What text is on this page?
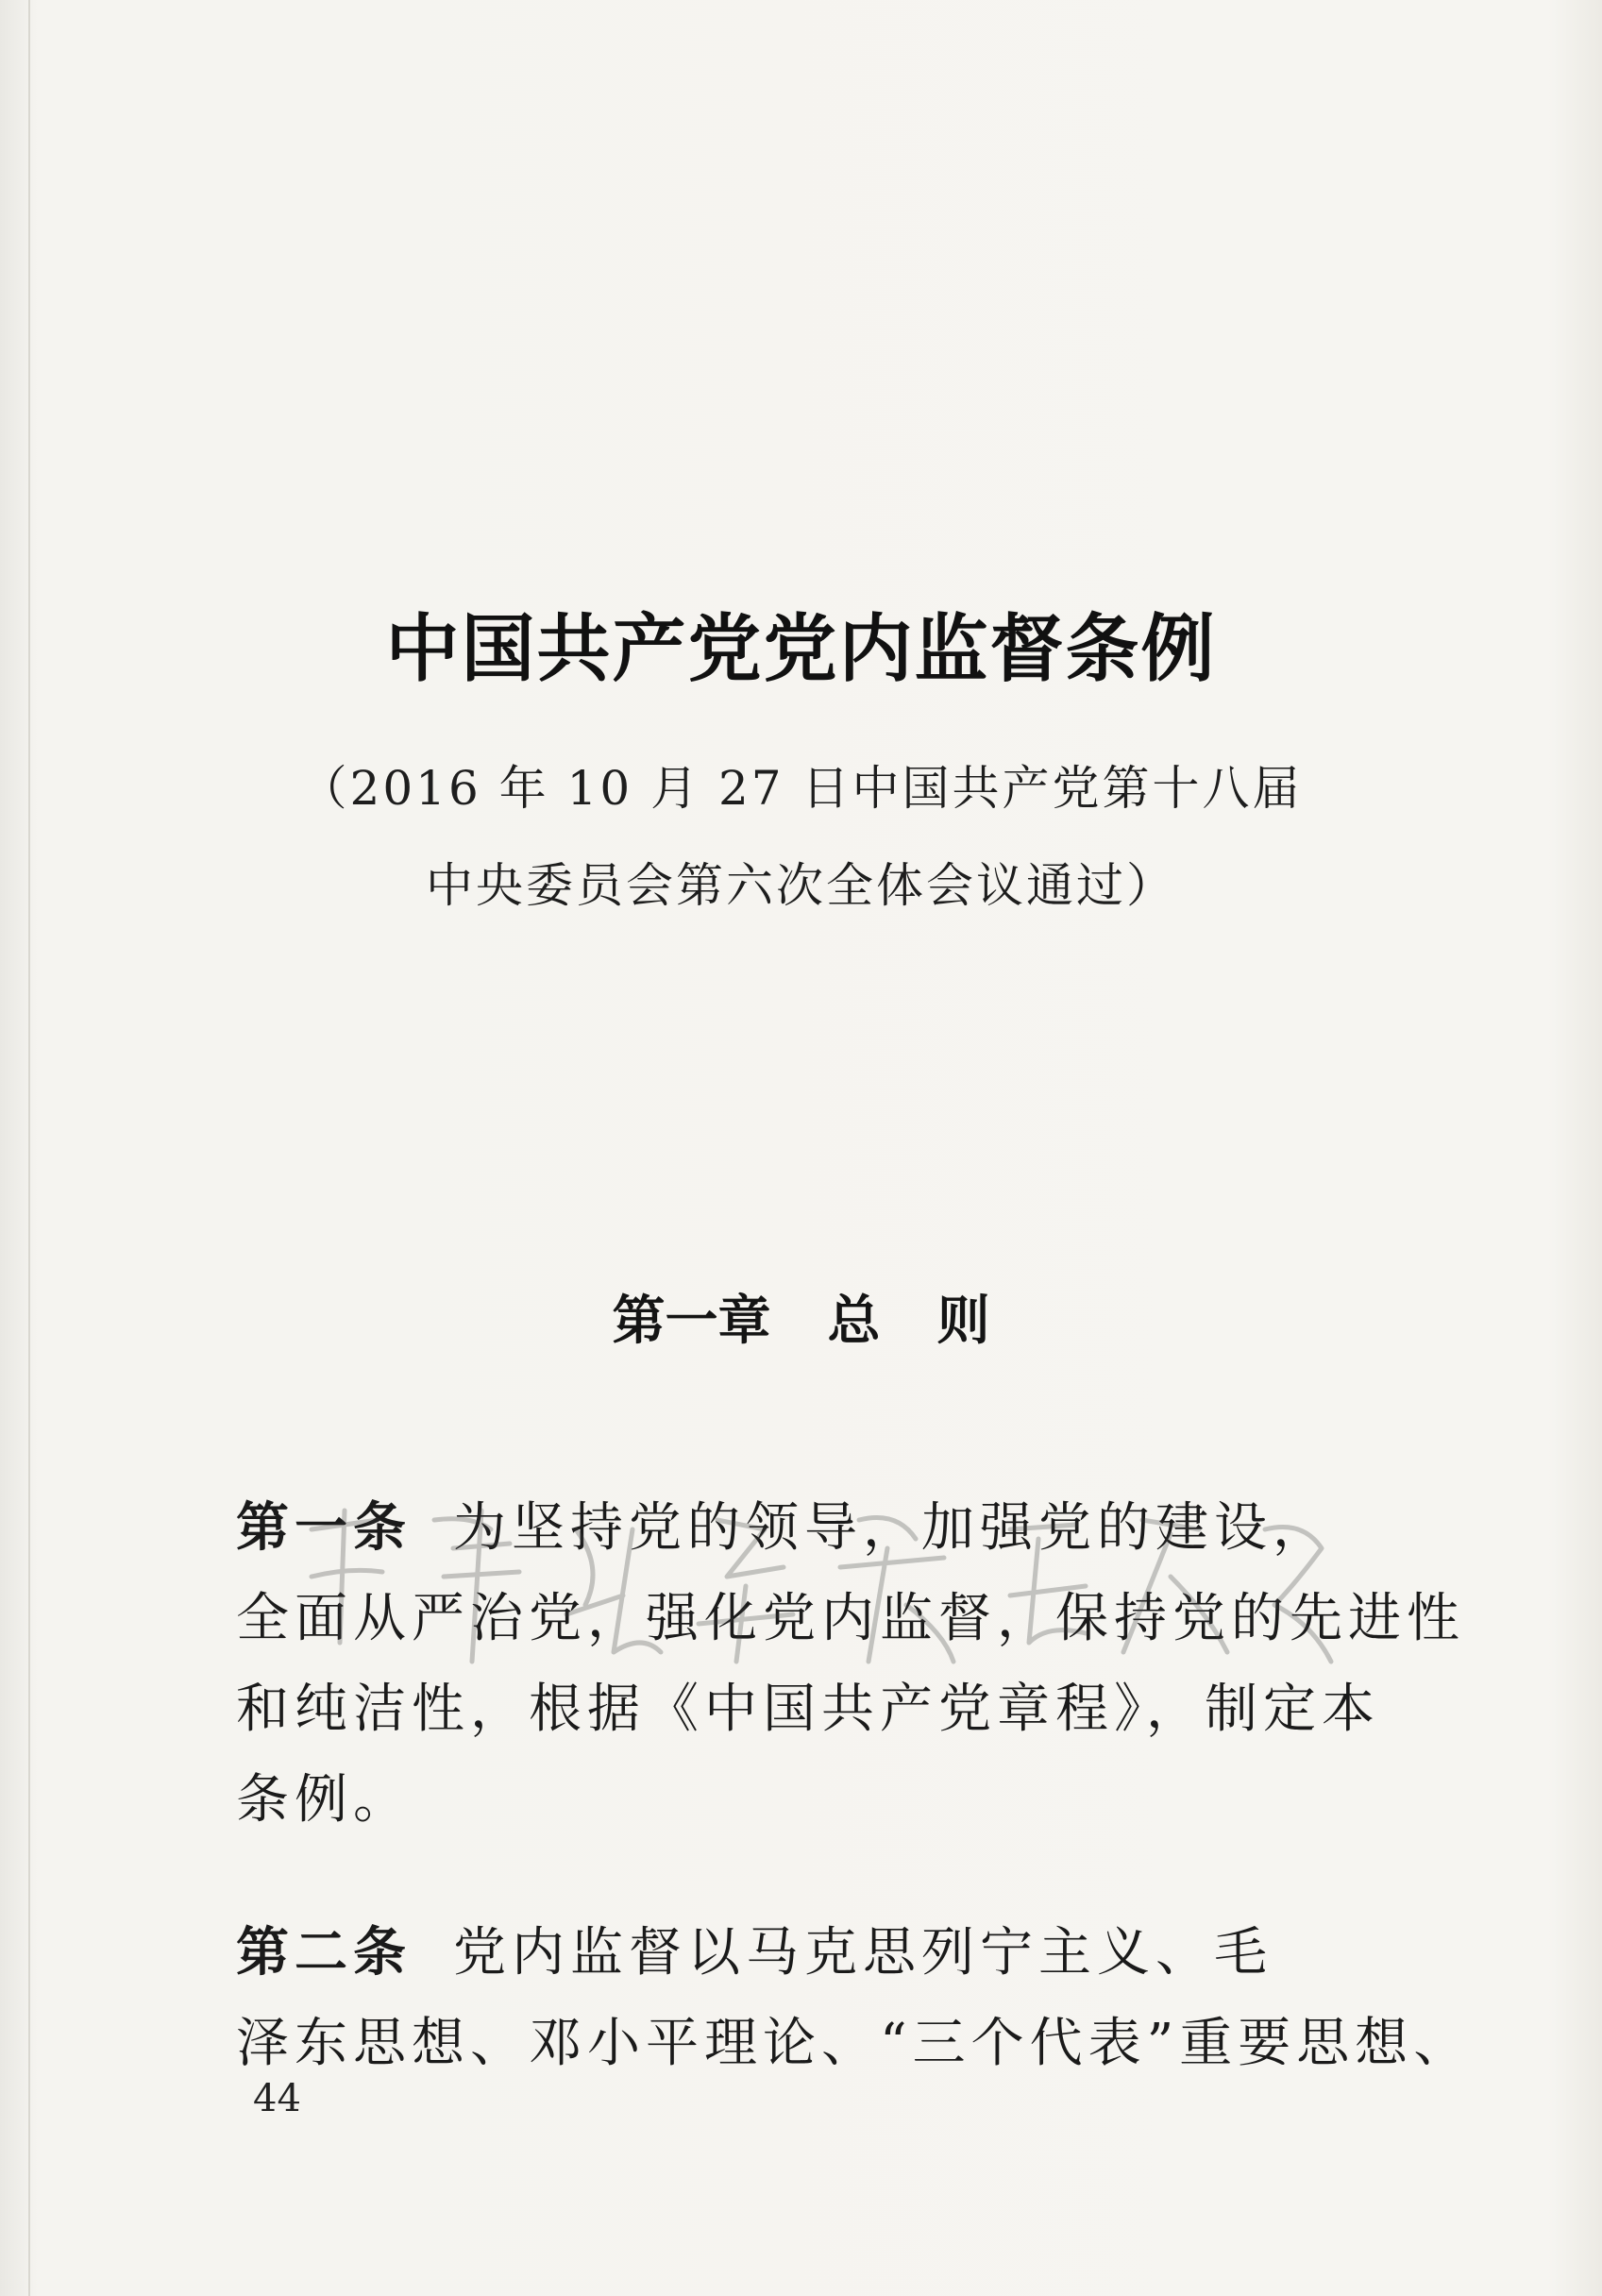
中国共产党党内监督条例
（2016 年 10 月 27 日中国共产党第十八届
中央委员会第六次全体会议通过）
第一章 总 则
第一条 为坚持党的领导，加强党的建设，
全面从严治党，强化党内监督，保持党的先进性
和纯洁性，根据《中国共产党章程》，制定本
条例。
第二条 党内监督以马克思列宁主义、毛
泽东思想、邓小平理论、“三个代表”重要思想、
44
